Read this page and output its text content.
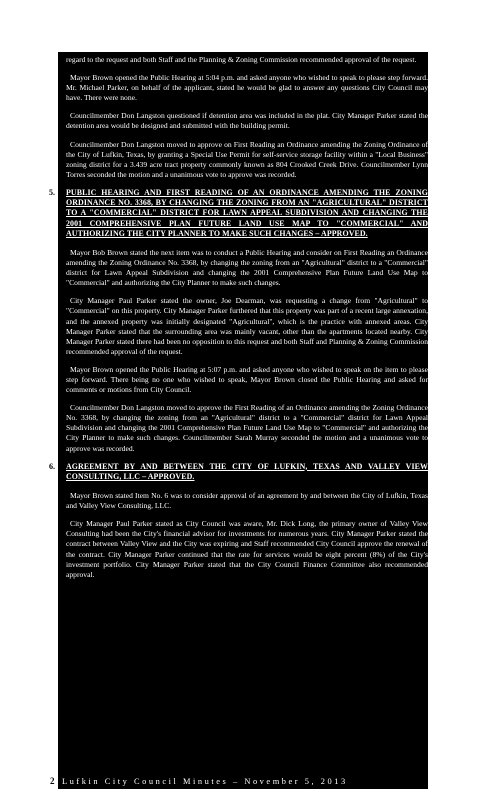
regard to the request and both Staff and the Planning & Zoning Commission recommended approval of the request.

Mayor Brown opened the Public Hearing at 5:04 p.m. and asked anyone who wished to speak to please step forward. Mr. Michael Parker, on behalf of the applicant, stated he would be glad to answer any questions City Council may have. There were none.

Councilmember Don Langston questioned if detention area was included in the plat. City Manager Parker stated the detention area would be designed and submitted with the building permit.

Councilmember Don Langston moved to approve on First Reading an Ordinance amending the Zoning Ordinance of the City of Lufkin, Texas, by granting a Special Use Permit for self-service storage facility within a "Local Business" zoning district for a 3.439 acre tract property commonly known as 804 Crooked Creek Drive. Councilmember Lynn Torres seconded the motion and a unanimous vote to approve was recorded.

5. PUBLIC HEARING AND FIRST READING OF AN ORDINANCE AMENDING THE ZONING ORDINANCE NO. 3368, BY CHANGING THE ZONING FROM AN "AGRICULTURAL" DISTRICT TO A "COMMERCIAL" DISTRICT FOR LAWN APPEAL SUBDIVISION AND CHANGING THE 2001 COMPREHENSIVE PLAN FUTURE LAND USE MAP TO "COMMERCIAL" AND AUTHORIZING THE CITY PLANNER TO MAKE SUCH CHANGES – APPROVED.

Mayor Bob Brown stated the next item was to conduct a Public Hearing and consider on First Reading an Ordinance amending the Zoning Ordinance No. 3368, by changing the zoning from an "Agricultural" district to a "Commercial" district for Lawn Appeal Subdivision and changing the 2001 Comprehensive Plan Future Land Use Map to "Commercial" and authorizing the City Planner to make such changes.

City Manager Paul Parker stated the owner, Joe Dearman, was requesting a change from "Agricultural" to "Commercial" on this property. City Manager Parker furthered that this property was part of a recent large annexation, and the annexed property was initially designated "Agricultural", which is the practice with annexed areas. City Manager Parker stated that the surrounding area was mainly vacant, other than the apartments located nearby. City Manager Parker stated there had been no opposition to this request and both Staff and Planning & Zoning Commission recommended approval of the request.

Mayor Brown opened the Public Hearing at 5:07 p.m. and asked anyone who wished to speak on the item to please step forward. There being no one who wished to speak, Mayor Brown closed the Public Hearing and asked for comments or motions from City Council.

Councilmember Don Langston moved to approve the First Reading of an Ordinance amending the Zoning Ordinance No. 3368, by changing the zoning from an "Agricultural" district to a "Commercial" district for Lawn Appeal Subdivision and changing the 2001 Comprehensive Plan Future Land Use Map to "Commercial" and authorizing the City Planner to make such changes. Councilmember Sarah Murray seconded the motion and a unanimous vote to approve was recorded.

6. AGREEMENT BY AND BETWEEN THE CITY OF LUFKIN, TEXAS AND VALLEY VIEW CONSULTING, LLC – APPROVED.

Mayor Brown stated Item No. 6 was to consider approval of an agreement by and between the City of Lufkin, Texas and Valley View Consulting, LLC.

City Manager Paul Parker stated as City Council was aware, Mr. Dick Long, the primary owner of Valley View Consulting had been the City's financial advisor for investments for numerous years. City Manager Parker stated the contract between Valley View and the City was expiring and Staff recommended City Council approve the renewal of the contract. City Manager Parker continued that the rate for services would be eight percent (8%) of the City's investment portfolio. City Manager Parker stated that the City Council Finance Committee also recommended approval.

2 Lufkin City Council Minutes – November 5, 2013
